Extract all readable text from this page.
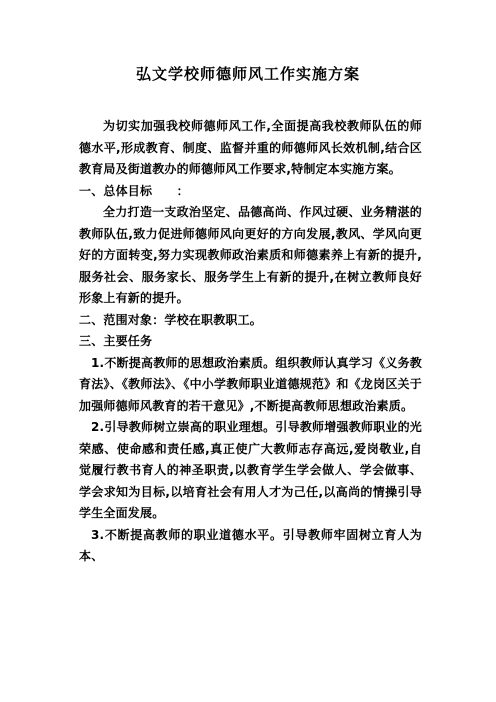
弘文学校师德师风工作实施方案

为切实加强我校师德师风工作,全面提高我校教师队伍的师德水平,形成教育、制度、监督并重的师德师风长效机制,结合区教育局及街道教办的师德师风工作要求,特制定本实施方案。

一、总体目标　　：

全力打造一支政治坚定、品德高尚、作风过硬、业务精湛的教师队伍,致力促进师德师风向更好的方向发展,教风、学风向更好的方面转变,努力实现教师政治素质和师德素养上有新的提升,服务社会、服务家长、服务学生上有新的提升,在树立教师良好形象上有新的提升。

二、范围对象：学校在职教职工。

三、主要任务

1.不断提高教师的思想政治素质。组织教师认真学习《义务教育法》、《教师法》、《中小学教师职业道德规范》和《龙岗区关于加强师德师风教育的若干意见》,不断提高教师思想政治素质。

2.引导教师树立崇高的职业理想。引导教师增强教师职业的光荣感、使命感和责任感,真正使广大教师志存高远,爱岗敬业,自觉履行教书育人的神圣职责,以教育学生学会做人、学会做事、学会求知为目标,以培育社会有用人才为己任,以高尚的情操引导学生全面发展。

3.不断提高教师的职业道德水平。引导教师牢固树立育人为本、
